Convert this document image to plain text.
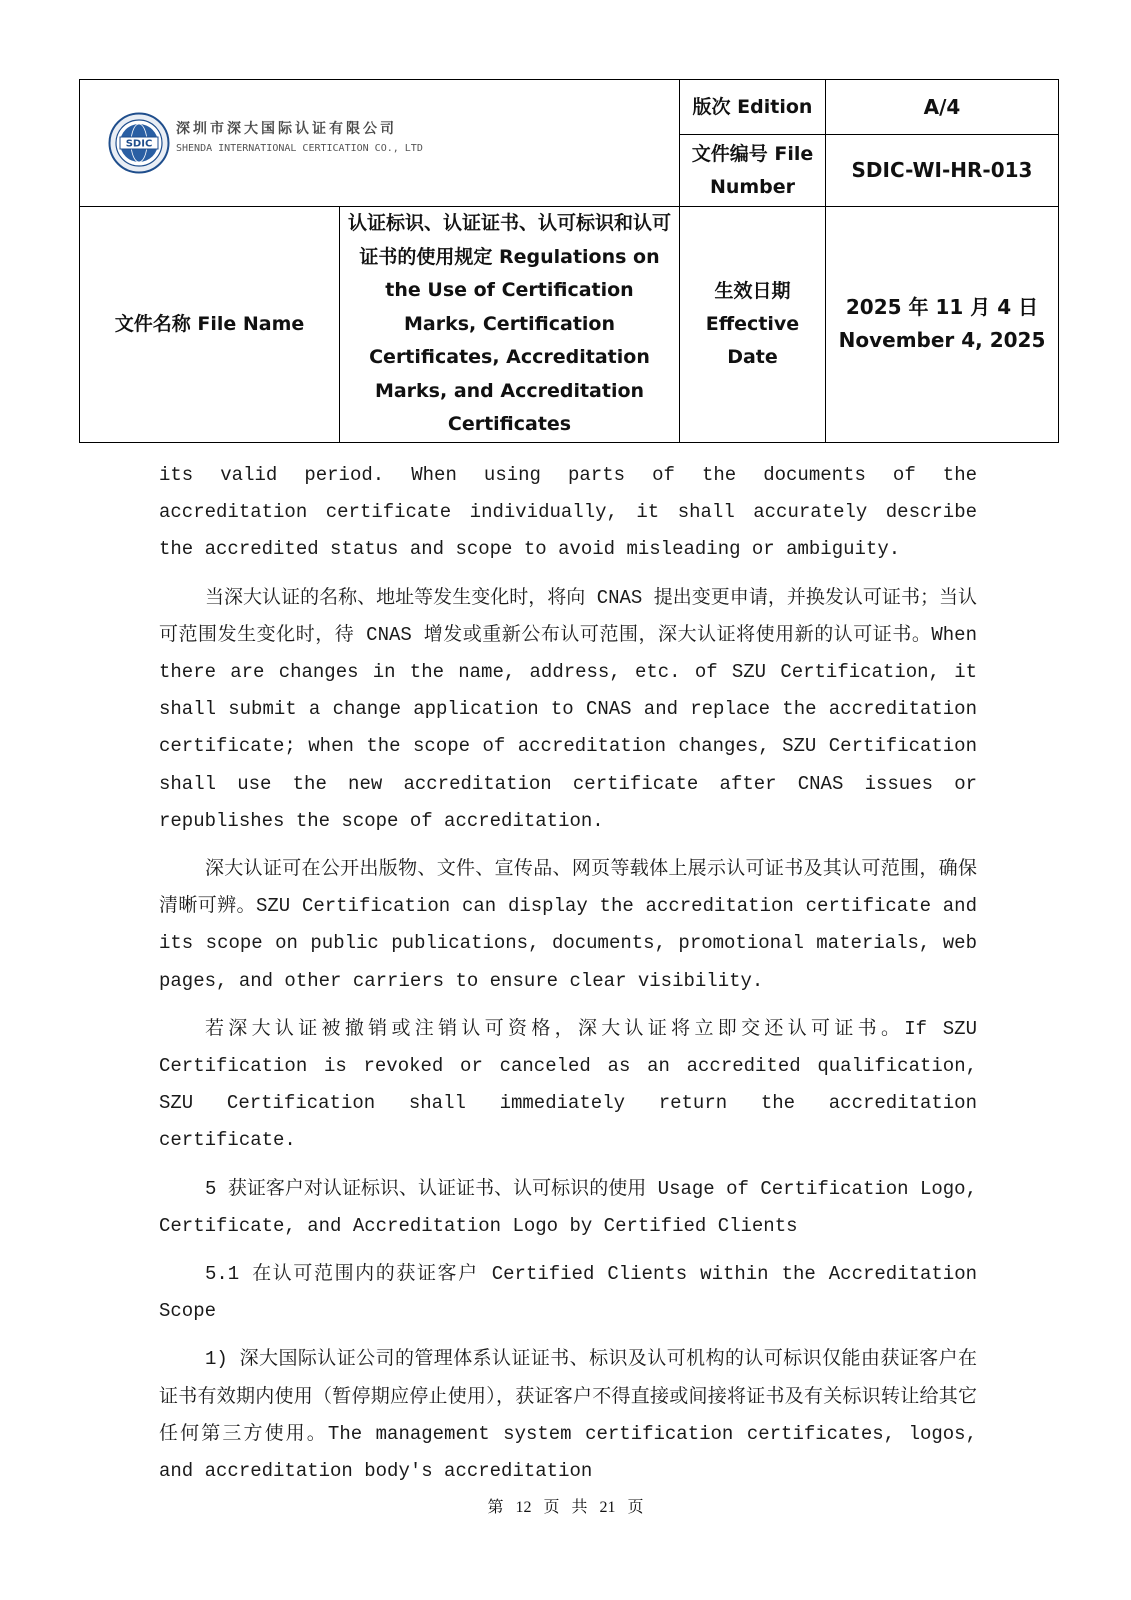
SDIC
深圳市深大国际认证有限公司
SHENDA INTERNATIONAL CERTICATION CO., LTD		版次 Edition	A/4
		文件编号 File Number	SDIC-WI-HR-013
文件名称 File Name	认证标识、认证证书、认可标识和认可证书的使用规定 Regulations on the Use of Certification Marks, Certification Certificates, Accreditation Marks, and Accreditation Certificates	生效日期 Effective Date	2025 年 11 月 4 日
November 4, 2025

its valid period. When using parts of the documents of the accreditation certificate individually, it shall accurately describe the accredited status and scope to avoid misleading or ambiguity.

当深大认证的名称、地址等发生变化时，将向 CNAS 提出变更申请，并换发认可证书；当认可范围发生变化时，待 CNAS 增发或重新公布认可范围，深大认证将使用新的认可证书。When there are changes in the name, address, etc. of SZU Certification, it shall submit a change application to CNAS and replace the accreditation certificate; when the scope of accreditation changes, SZU Certification shall use the new accreditation certificate after CNAS issues or republishes the scope of accreditation.

深大认证可在公开出版物、文件、宣传品、网页等载体上展示认可证书及其认可范围，确保清晰可辨。SZU Certification can display the accreditation certificate and its scope on public publications, documents, promotional materials, web pages, and other carriers to ensure clear visibility.

若深大认证被撤销或注销认可资格，深大认证将立即交还认可证书。If SZU Certification is revoked or canceled as an accredited qualification, SZU Certification shall immediately return the accreditation certificate.

5 获证客户对认证标识、认证证书、认可标识的使用 Usage of Certification Logo, Certificate, and Accreditation Logo by Certified Clients

5.1 在认可范围内的获证客户 Certified Clients within the Accreditation Scope

1) 深大国际认证公司的管理体系认证证书、标识及认可机构的认可标识仅能由获证客户在证书有效期内使用（暂停期应停止使用），获证客户不得直接或间接将证书及有关标识转让给其它任何第三方使用。The management system certification certificates, logos, and accreditation body's accreditation

第 12 页 共 21 页
